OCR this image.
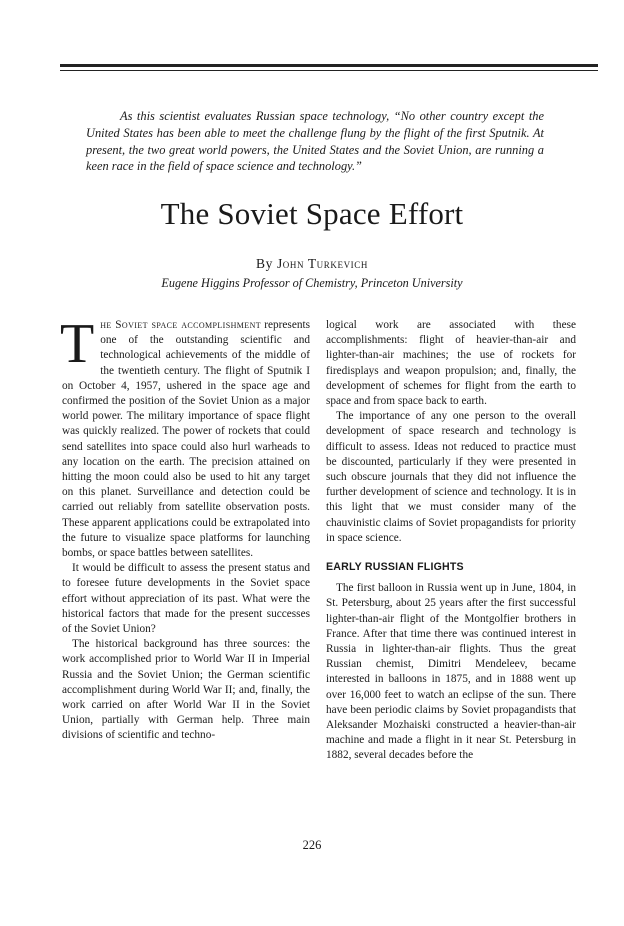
As this scientist evaluates Russian space technology, “No other country except the United States has been able to meet the challenge flung by the flight of the first Sputnik. At present, the two great world powers, the United States and the Soviet Union, are running a keen race in the field of space science and technology.”

The Soviet Space Effort
By John Turkevich
Eugene Higgins Professor of Chemistry, Princeton University

The Soviet space accomplishment represents one of the outstanding scientific and technological achievements of the middle of the twentieth century. The flight of Sputnik I on October 4, 1957, ushered in the space age and confirmed the position of the Soviet Union as a major world power. The military importance of space flight was quickly realized. The power of rockets that could send satellites into space could also hurl warheads to any location on the earth. The precision attained on hitting the moon could also be used to hit any target on this planet. Surveillance and detection could be carried out reliably from satellite observation posts. These apparent applications could be extrapolated into the future to visualize space platforms for launching bombs, or space battles between satellites.

It would be difficult to assess the present status and to foresee future developments in the Soviet space effort without appreciation of its past. What were the historical factors that made for the present successes of the Soviet Union?

The historical background has three sources: the work accomplished prior to World War II in Imperial Russia and the Soviet Union; the German scientific accomplishment during World War II; and, finally, the work carried on after World War II in the Soviet Union, partially with German help. Three main divisions of scientific and techno-

logical work are associated with these accomplishments: flight of heavier-than-air and lighter-than-air machines; the use of rockets for firedisplays and weapon propulsion; and, finally, the development of schemes for flight from the earth to space and from space back to earth.

The importance of any one person to the overall development of space research and technology is difficult to assess. Ideas not reduced to practice must be discounted, particularly if they were presented in such obscure journals that they did not influence the further development of science and technology. It is in this light that we must consider many of the chauvinistic claims of Soviet propagandists for priority in space science.

EARLY RUSSIAN FLIGHTS

The first balloon in Russia went up in June, 1804, in St. Petersburg, about 25 years after the first successful lighter-than-air flight of the Montgolfier brothers in France. After that time there was continued interest in Russia in lighter-than-air flights. Thus the great Russian chemist, Dimitri Mendeleev, became interested in balloons in 1875, and in 1888 went up over 16,000 feet to watch an eclipse of the sun. There have been periodic claims by Soviet propagandists that Aleksander Mozhaiski constructed a heavier-than-air machine and made a flight in it near St. Petersburg in 1882, several decades before the

226
